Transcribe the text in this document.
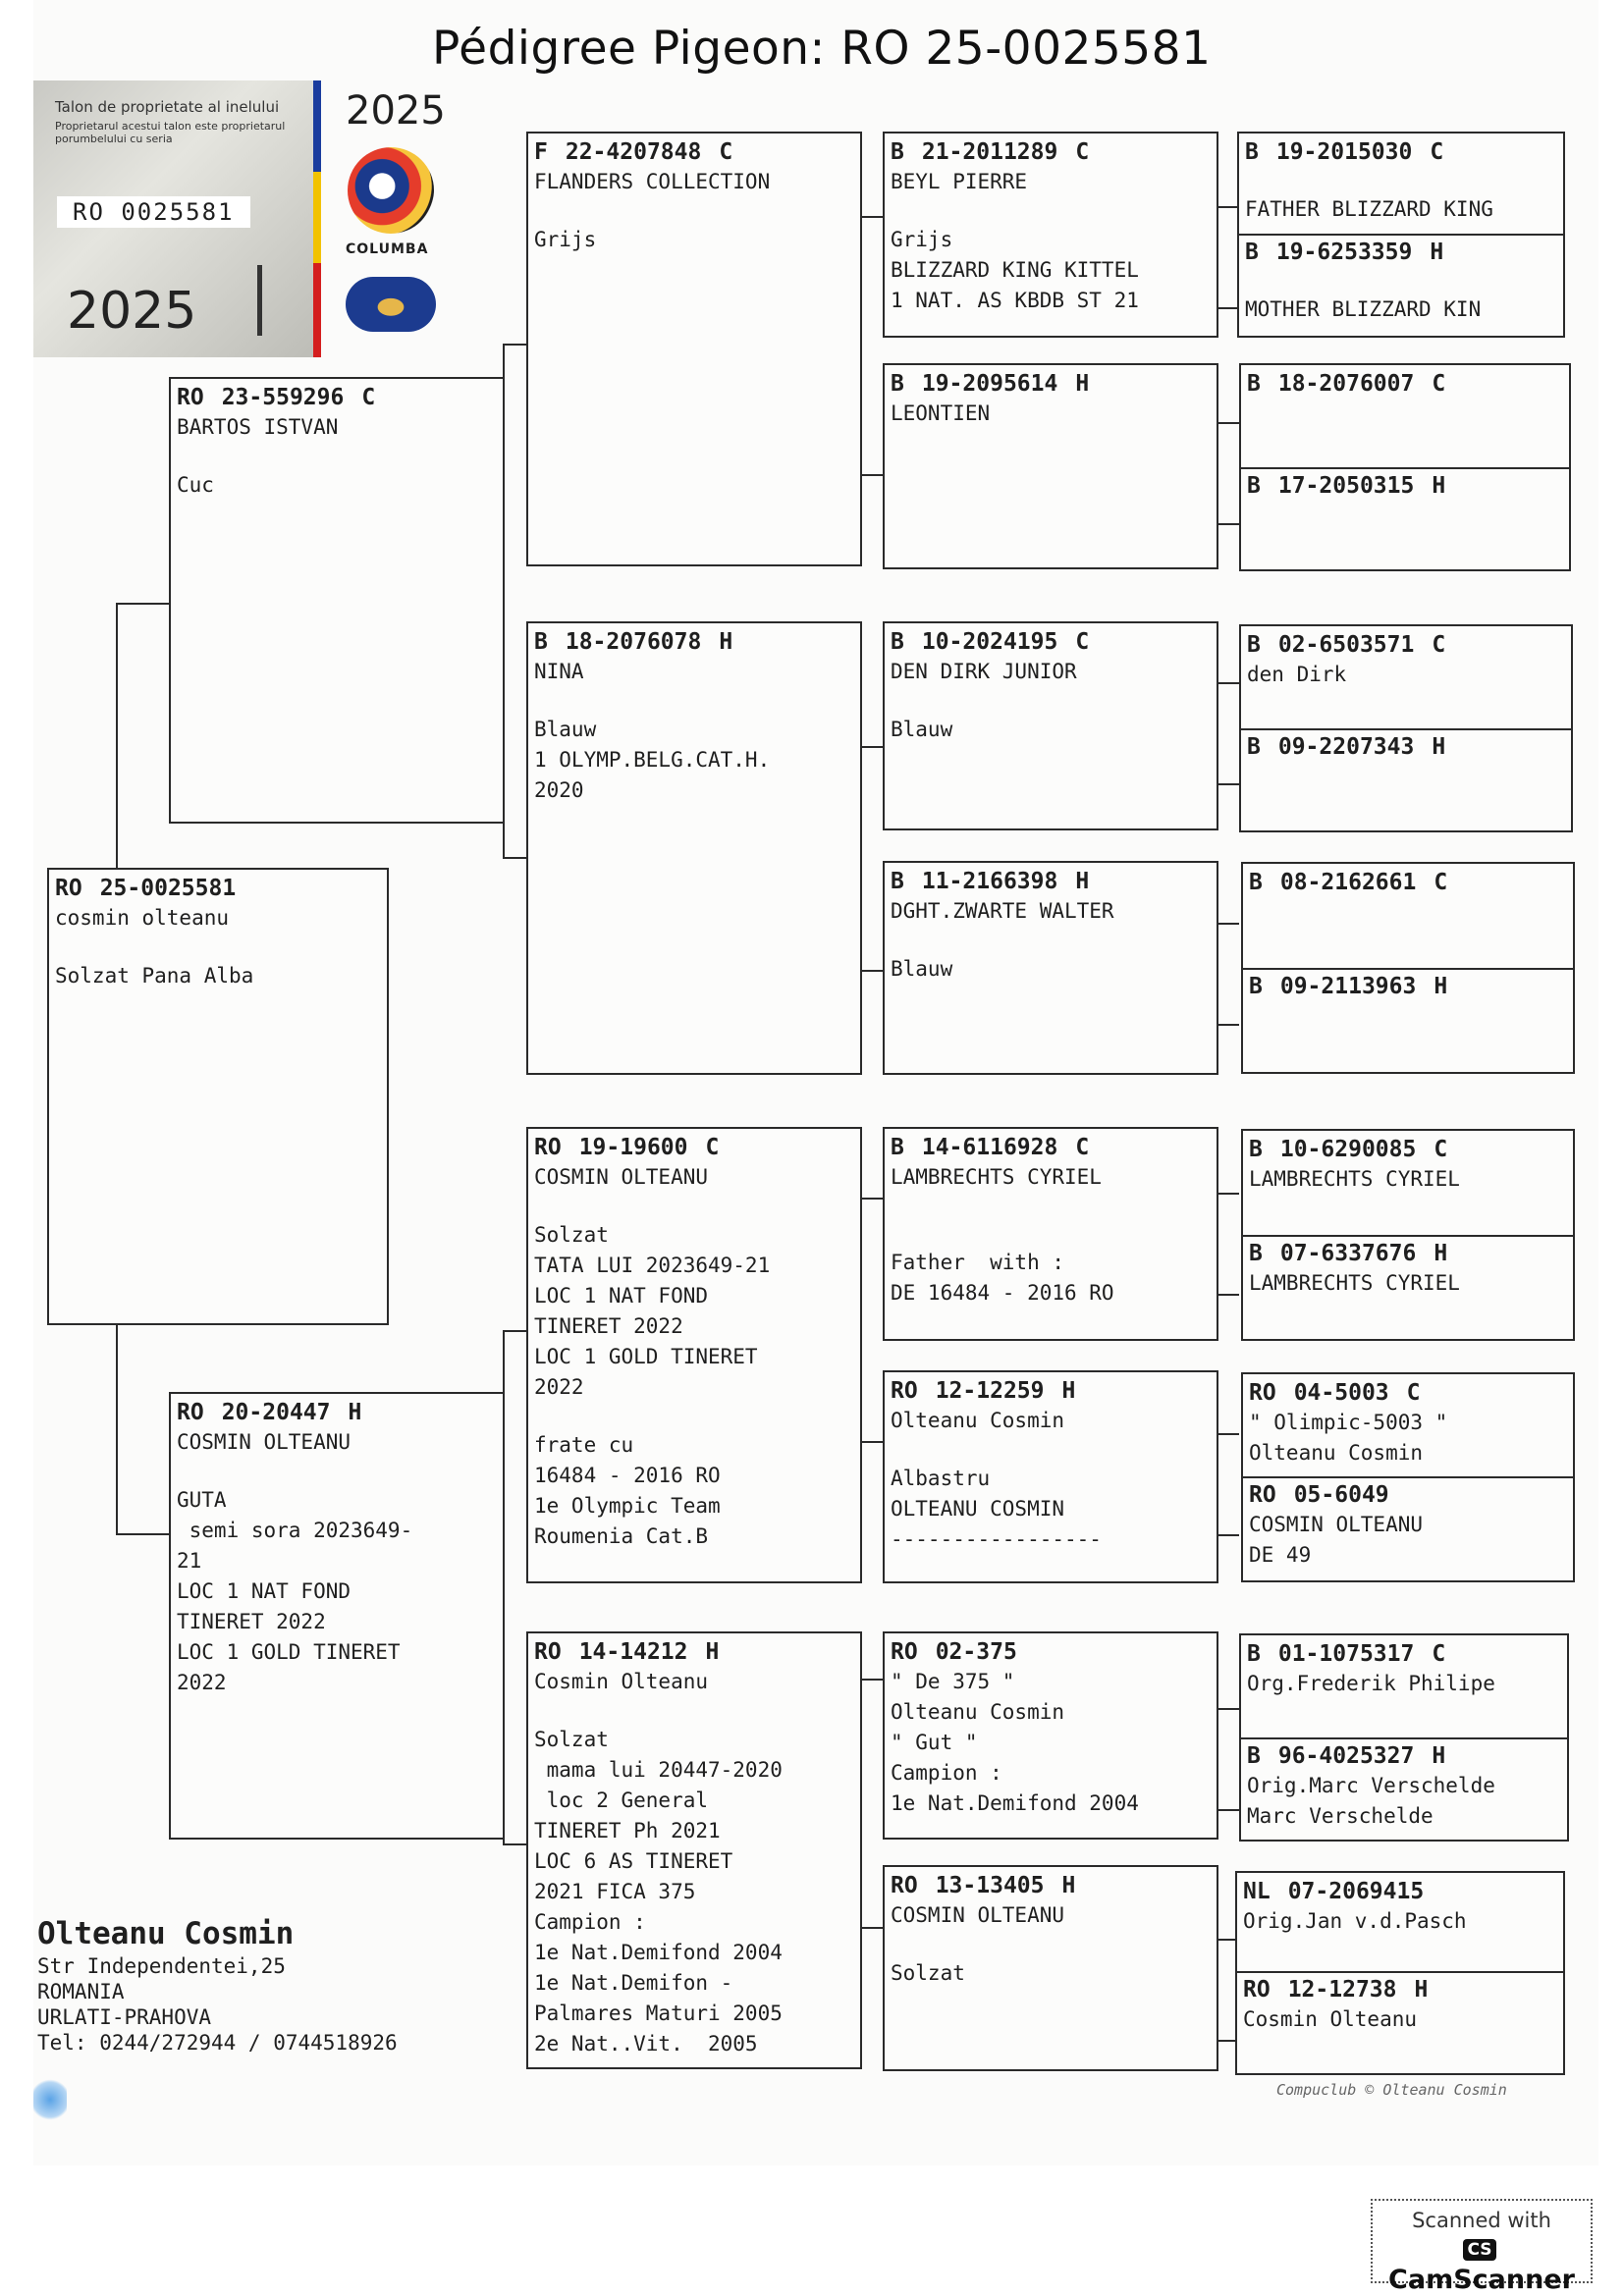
Pédigree Pigeon: RO 25-0025581
Talon de proprietate al inelului
Proprietarul acestui talon este proprietarul porumbelului cu seria
RO 0025581
2025
2025
COLUMBA
RO 25-0025581
cosmin olteanu
Solzat Pana Alba
RO 23-559296 C
BARTOS ISTVAN
Cuc
RO 20-20447 H
COSMIN OLTEANU
GUTA
semi sora 2023649-
21
LOC 1 NAT FOND
TINERET 2022
LOC 1 GOLD TINERET
2022
F 22-4207848 C
FLANDERS COLLECTION
Grijs
B 18-2076078 H
NINA
Blauw
1 OLYMP.BELG.CAT.H.
2020
RO 19-19600 C
COSMIN OLTEANU
Solzat
TATA LUI 2023649-21
LOC 1 NAT FOND
TINERET 2022
LOC 1 GOLD TINERET
2022
frate cu
16484 - 2016 RO
1e Olympic Team
Roumenia Cat.B
RO 14-14212 H
Cosmin Olteanu
Solzat
mama lui 20447-2020
loc 2 General
TINERET Ph 2021
LOC 6 AS TINERET
2021 FICA 375
Campion :
1e Nat.Demifond 2004
1e Nat.Demifon -
Palmares Maturi 2005
2e Nat..Vit.  2005
B 21-2011289 C
BEYL PIERRE
Grijs
BLIZZARD KING KITTEL
1 NAT. AS KBDB ST 21
B 19-2095614 H
LEONTIEN
B 10-2024195 C
DEN DIRK JUNIOR
Blauw
B 11-2166398 H
DGHT.ZWARTE WALTER
Blauw
B 14-6116928 C
LAMBRECHTS CYRIEL
Father  with :
DE 16484 - 2016 RO
RO 12-12259 H
Olteanu Cosmin
Albastru
OLTEANU COSMIN
-----------------
RO 02-375
" De 375 "
Olteanu Cosmin
" Gut "
Campion :
1e Nat.Demifond 2004
RO 13-13405 H
COSMIN OLTEANU
Solzat
B 19-2015030 C
FATHER BLIZZARD KING
B 19-6253359 H
MOTHER BLIZZARD KIN
B 18-2076007 C
B 17-2050315 H
B 02-6503571 C
den Dirk
B 09-2207343 H
B 08-2162661 C
B 09-2113963 H
B 10-6290085 C
LAMBRECHTS CYRIEL
B 07-6337676 H
LAMBRECHTS CYRIEL
RO 04-5003 C
" Olimpic-5003 "
Olteanu Cosmin
RO 05-6049
COSMIN OLTEANU
DE 49
B 01-1075317 C
Org.Frederik Philipe
B 96-4025327 H
Orig.Marc Verschelde
Marc Verschelde
NL 07-2069415
Orig.Jan v.d.Pasch
RO 12-12738 H
Cosmin Olteanu
Olteanu Cosmin
Str Independentei,25
ROMANIA
URLATI-PRAHOVA
Tel: 0244/272944 / 0744518926
Compuclub © Olteanu Cosmin
Scanned with
CSCamScanner
